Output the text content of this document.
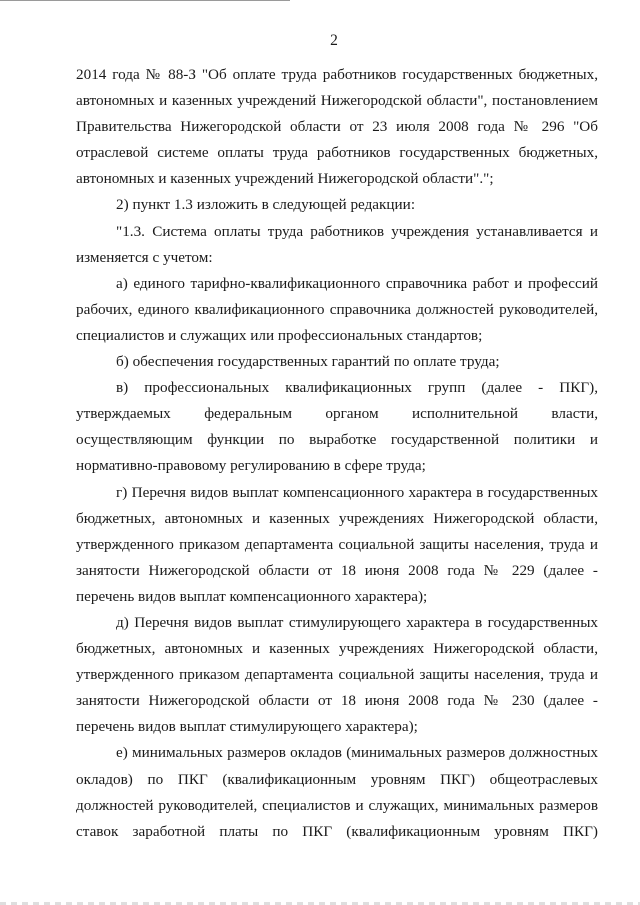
2

2014 года № 88-З "Об оплате труда работников государственных бюджетных, автономных и казенных учреждений Нижегородской области", постановлением Правительства Нижегородской области от 23 июля 2008 года № 296 "Об отраслевой системе оплаты труда работников государственных бюджетных, автономных и казенных учреждений Нижегородской области".";

2) пункт 1.3 изложить в следующей редакции:

"1.3. Система оплаты труда работников учреждения устанавливается и изменяется с учетом:

а) единого тарифно-квалификационного справочника работ и профессий рабочих, единого квалификационного справочника должностей руководителей, специалистов и служащих или профессиональных стандартов;

б) обеспечения государственных гарантий по оплате труда;

в) профессиональных квалификационных групп (далее - ПКГ), утверждаемых федеральным органом исполнительной власти, осуществляющим функции по выработке государственной политики и нормативно-правовому регулированию в сфере труда;

г) Перечня видов выплат компенсационного характера в государственных бюджетных, автономных и казенных учреждениях Нижегородской области, утвержденного приказом департамента социальной защиты населения, труда и занятости Нижегородской области от 18 июня 2008 года № 229 (далее - перечень видов выплат компенсационного характера);

д) Перечня видов выплат стимулирующего характера в государственных бюджетных, автономных и казенных учреждениях Нижегородской области, утвержденного приказом департамента социальной защиты населения, труда и занятости Нижегородской области от 18 июня 2008 года № 230 (далее - перечень видов выплат стимулирующего характера);

е) минимальных размеров окладов (минимальных размеров должностных окладов) по ПКГ (квалификационным уровням ПКГ) общеотраслевых должностей руководителей, специалистов и служащих, минимальных размеров ставок заработной платы по ПКГ (квалификационным уровням ПКГ)
